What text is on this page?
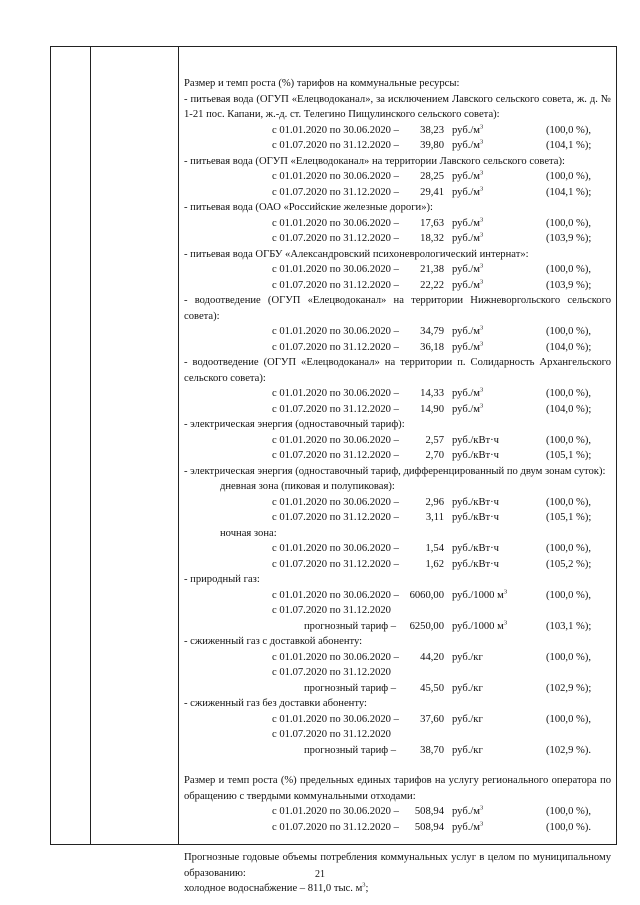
Размер и темп роста (%) тарифов на коммунальные ресурсы:
- питьевая вода (ОГУП «Елецводоканал», за исключением Лавского сельского совета, ж. д. № 1-21 пос. Капани, ж.-д. ст. Телегино Пищулинского сельского совета):
с 01.01.2020 по 30.06.2020 –	38,23 $руб./м^3$	(100,0 %),
с 01.07.2020 по 31.12.2020 –	39,80 $руб./м^3$	(104,1 %);
- питьевая вода (ОГУП «Елецводоканал» на территории Лавского сельского совета):
с 01.01.2020 по 30.06.2020 –	28,25 $руб./м^3$	(100,0 %),
с 01.07.2020 по 31.12.2020 –	29,41 $руб./м^3$	(104,1 %);
- питьевая вода (ОАО «Российские железные дороги»):
с 01.01.2020 по 30.06.2020 –	17,63 $руб./м^3$	(100,0 %),
с 01.07.2020 по 31.12.2020 –	18,32 $руб./м^3$	(103,9 %);
- питьевая вода ОГБУ «Александровский психоневрологический интернат»:
с 01.01.2020 по 30.06.2020 –	21,38 $руб./м^3$	(100,0 %),
с 01.07.2020 по 31.12.2020 –	22,22 $руб./м^3$	(103,9 %);
- водоотведение (ОГУП «Елецводоканал» на территории Нижневоргольского сельского совета):
с 01.01.2020 по 30.06.2020 –	34,79 $руб./м^3$	(100,0 %),
с 01.07.2020 по 31.12.2020 –	36,18 $руб./м^3$	(104,0 %);
- водоотведение (ОГУП «Елецводоканал» на территории п. Солидарность Архангельского сельского совета):
с 01.01.2020 по 30.06.2020 –	14,33 $руб./м^3$	(100,0 %),
с 01.07.2020 по 31.12.2020 –	14,90 $руб./м^3$	(104,0 %);
- электрическая энергия (одноставочный тариф):
с 01.01.2020 по 30.06.2020 –	2,57 руб./кВт·ч	(100,0 %),
с 01.07.2020 по 31.12.2020 –	2,70 руб./кВт·ч	(105,1 %);
- электрическая энергия (одноставочный тариф, дифференцированный по двум зонам суток):
дневная зона (пиковая и полупиковая):
с 01.01.2020 по 30.06.2020 –	2,96 руб./кВт·ч	(100,0 %),
с 01.07.2020 по 31.12.2020 –	3,11 руб./кВт·ч	(105,1 %);
ночная зона:
с 01.01.2020 по 30.06.2020 –	1,54 руб./кВт·ч	(100,0 %),
с 01.07.2020 по 31.12.2020 –	1,62 руб./кВт·ч	(105,2 %);
- природный газ:
с 01.01.2020 по 30.06.2020 –	6060,00 руб./1000 $м^3$	(100,0 %),
с 01.07.2020 по 31.12.2020
прогнозный тариф –	6250,00 руб./1000 $м^3$	(103,1 %);
- сжиженный газ с доставкой абоненту:
с 01.01.2020 по 30.06.2020 –	44,20 руб./кг	(100,0 %),
с 01.07.2020 по 31.12.2020
прогнозный тариф –	45,50 руб./кг	(102,9 %);
- сжиженный газ без доставки абоненту:
с 01.01.2020 по 30.06.2020 –	37,60 руб./кг	(100,0 %),
с 01.07.2020 по 31.12.2020
прогнозный тариф –	38,70 руб./кг	(102,9 %).
Размер и темп роста (%) предельных единых тарифов на услугу регионального оператора по обращению с твердыми коммунальными отходами:
с 01.01.2020 по 30.06.2020 –	508,94 $руб./м^3$	(100,0 %),
с 01.07.2020 по 31.12.2020 –	508,94 $руб./м^3$	(100,0 %).
Прогнозные годовые объемы потребления коммунальных услуг в целом по муниципальному образованию:
холодное водоснабжение – 811,0 тыс. $м^3$;
21
